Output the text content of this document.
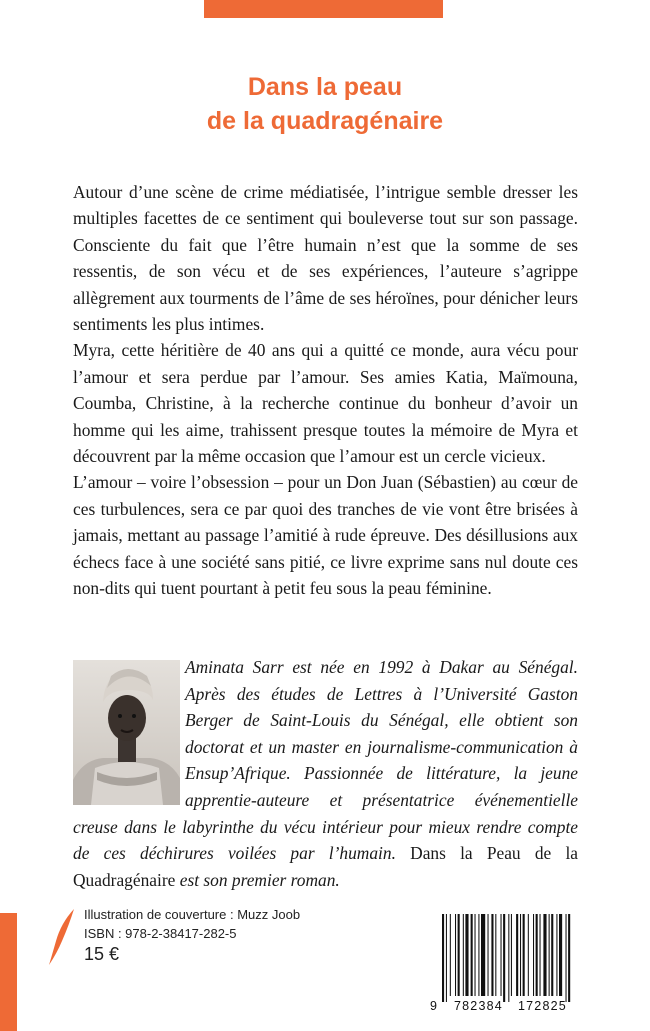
Dans la peau
de la quadragénaire

Autour d’une scène de crime médiatisée, l’intrigue semble dresser les multiples facettes de ce sentiment qui bouleverse tout sur son passage. Consciente du fait que l’être humain n’est que la somme de ses ressentis, de son vécu et de ses expériences, l’auteure s’agrippe allègrement aux tourments de l’âme de ses héroïnes, pour dénicher leurs sentiments les plus intimes.

Myra, cette héritière de 40 ans qui a quitté ce monde, aura vécu pour l’amour et sera perdue par l’amour. Ses amies Katia, Maïmouna, Coumba, Christine, à la recherche continue du bonheur d’avoir un homme qui les aime, trahissent presque toutes la mémoire de Myra et découvrent par la même occasion que l’amour est un cercle vicieux.

L’amour – voire l’obsession – pour un Don Juan (Sébastien) au cœur de ces turbulences, sera ce par quoi des tranches de vie vont être brisées à jamais, mettant au passage l’amitié à rude épreuve. Des désillusions aux échecs face à une société sans pitié, ce livre exprime sans nul doute ces non-dits qui tuent pourtant à petit feu sous la peau féminine.

Aminata Sarr est née en 1992 à Dakar au Sénégal. Après des études de Lettres à l’Université Gaston Berger de Saint-Louis du Sénégal, elle obtient son doctorat et un master en journalisme-communication à Ensup’Afrique. Passionnée de littérature, la jeune apprentie-auteure et présentatrice événementielle creuse dans le labyrinthe du vécu intérieur pour mieux rendre compte de ces déchirures voilées par l’humain. Dans la Peau de la Quadragénaire est son premier roman.
Illustration de couverture : Muzz Joob
ISBN : 978-2-38417-282-5
15 €
9 782384 172825
